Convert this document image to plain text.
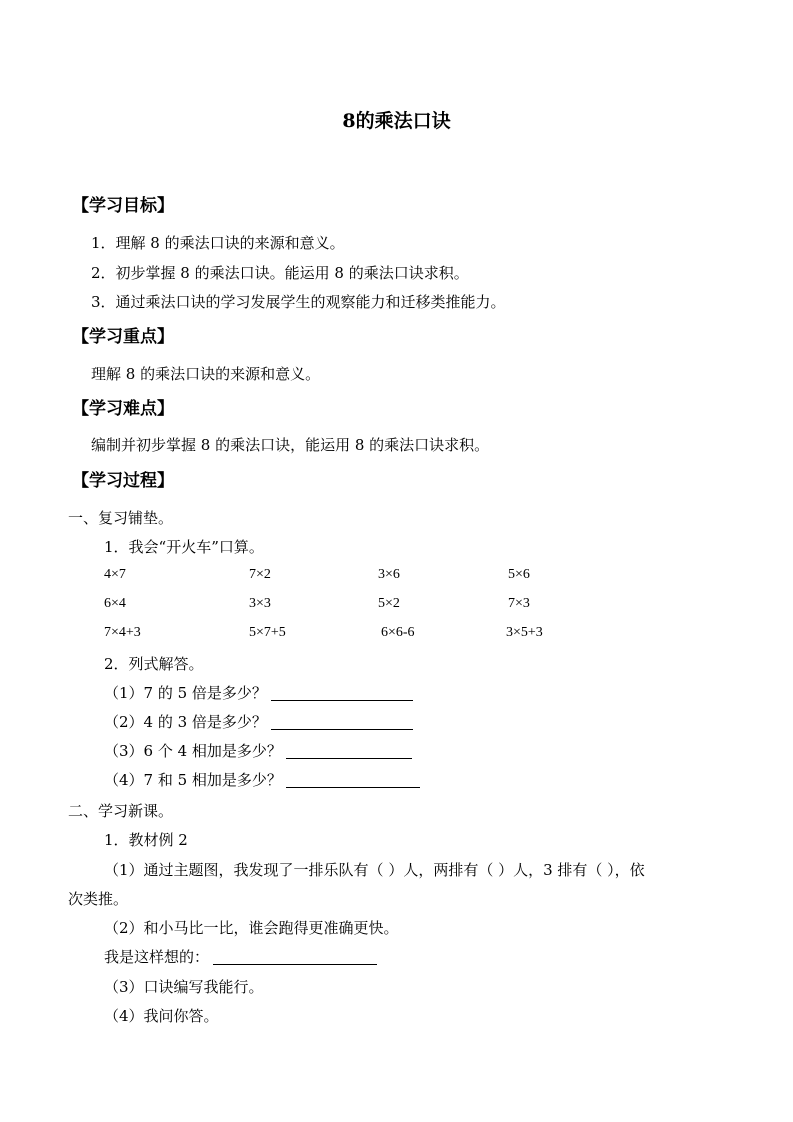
8的乘法口诀
【学习目标】
1．理解 8 的乘法口诀的来源和意义。
2．初步掌握 8 的乘法口诀。能运用 8 的乘法口诀求积。
3．通过乘法口诀的学习发展学生的观察能力和迁移类推能力。
【学习重点】
理解 8 的乘法口诀的来源和意义。
【学习难点】
编制并初步掌握 8 的乘法口诀，能运用 8 的乘法口诀求积。
【学习过程】
一、复习铺垫。
1．我会“开火车”口算。
4×7	7×2	3×6	5×6
6×4	3×3	5×2	7×3
7×4+3	5×7+5	6×6-6	3×5+3
2．列式解答。
（1）7 的 5 倍是多少？
（2）4 的 3 倍是多少？
（3）6 个 4 相加是多少？
（4）7 和 5 相加是多少？
二、学习新课。
1．教材例 2
（1）通过主题图，我发现了一排乐队有（ ）人，两排有（ ）人，3 排有（ ），依
次类推。
（2）和小马比一比，谁会跑得更准确更快。
我是这样想的：
（3）口诀编写我能行。
（4）我问你答。
